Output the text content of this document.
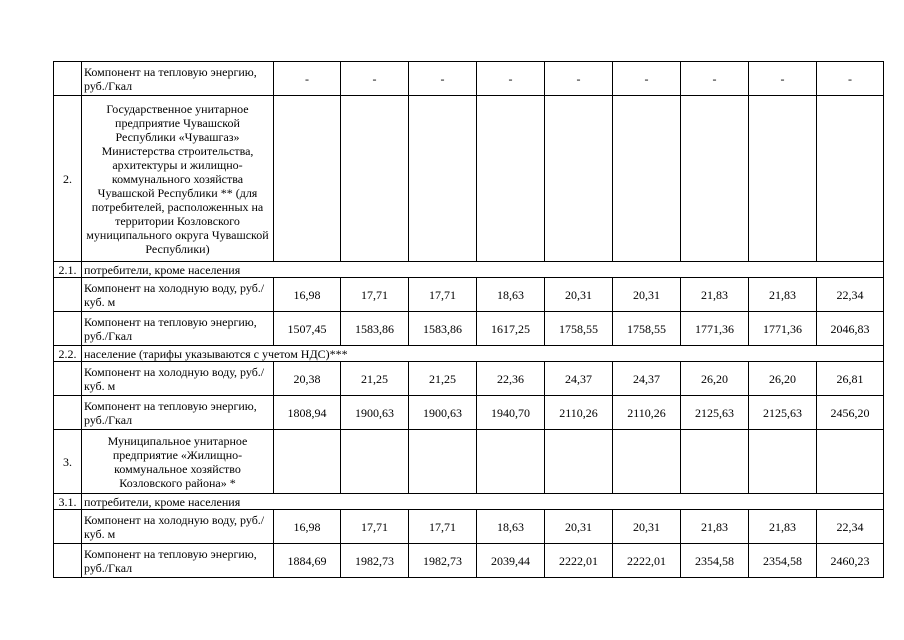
	Компонент на тепловую энергию, руб./Гкал	-	-	-	-	-	-	-	-	-
2.	Государственное унитарное предприятие Чувашской Республики «Чувашгаз» Министерства строительства, архитектуры и жилищно-коммунального хозяйства Чувашской Республики ** (для потребителей, расположенных на территории Козловского муниципального округа Чувашской Республики)									
2.1.	потребители, кроме населения									
	Компонент на холодную воду, руб./куб. м	16,98	17,71	17,71	18,63	20,31	20,31	21,83	21,83	22,34
	Компонент на тепловую энергию, руб./Гкал	1507,45	1583,86	1583,86	1617,25	1758,55	1758,55	1771,36	1771,36	2046,83
2.2.	население (тарифы указываются с учетом НДС)***									
	Компонент на холодную воду, руб./куб. м	20,38	21,25	21,25	22,36	24,37	24,37	26,20	26,20	26,81
	Компонент на тепловую энергию, руб./Гкал	1808,94	1900,63	1900,63	1940,70	2110,26	2110,26	2125,63	2125,63	2456,20
3.	Муниципальное унитарное предприятие «Жилищно-коммунальное хозяйство Козловского района» *									
3.1.	потребители, кроме населения									
	Компонент на холодную воду, руб./куб. м	16,98	17,71	17,71	18,63	20,31	20,31	21,83	21,83	22,34
	Компонент на тепловую энергию, руб./Гкал	1884,69	1982,73	1982,73	2039,44	2222,01	2222,01	2354,58	2354,58	2460,23
